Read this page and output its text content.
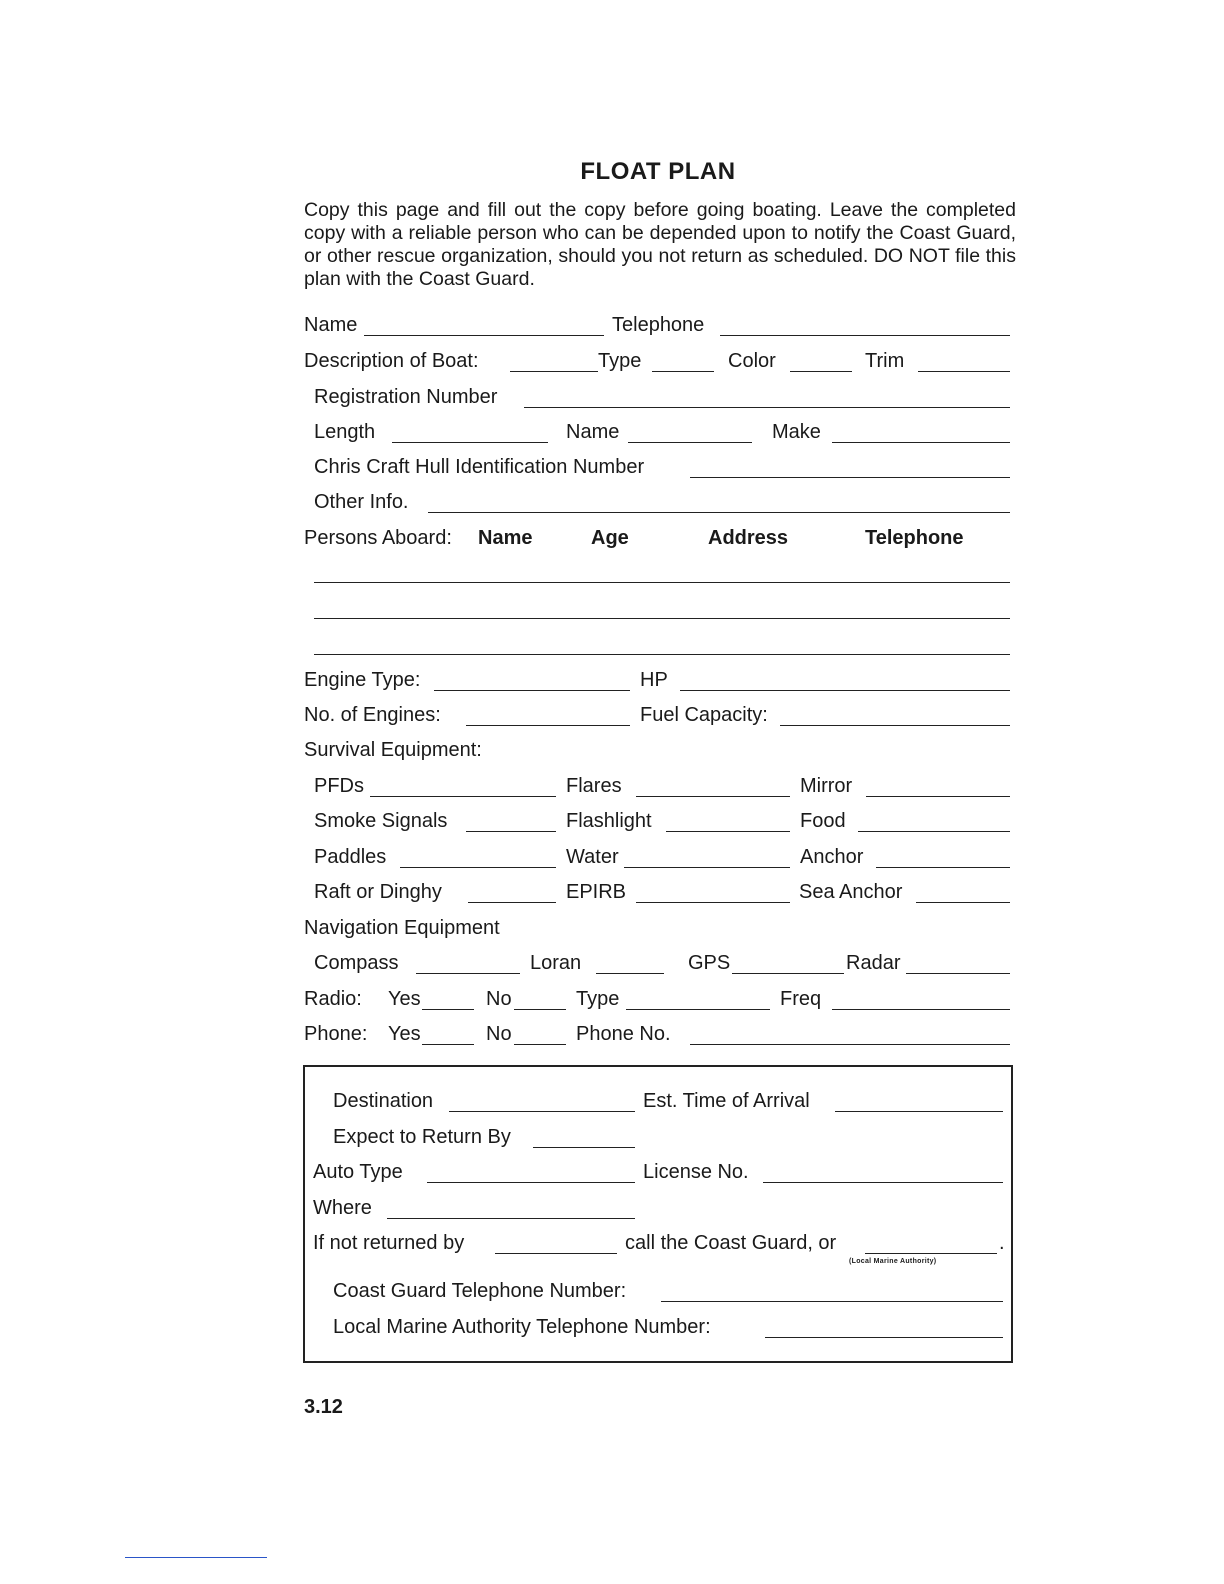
FLOAT PLAN

Copy this page and fill out the copy before going boating. Leave the completed copy with a reliable person who can be depended upon to notify the Coast Guard, or other rescue organization, should you not return as scheduled. DO NOT file this plan with the Coast Guard.

Name	Telephone
Description of Boat:	Type	Color	Trim
Registration Number
Length	Name	Make
Chris Craft Hull Identification Number
Other Info.
Persons Aboard: Name	Age	Address	Telephone
Engine Type:	HP
No. of Engines:	Fuel Capacity:
Survival Equipment:
PFDs	Flares	Mirror
Smoke Signals	Flashlight	Food
Paddles	Water	Anchor
Raft or Dinghy	EPIRB	Sea Anchor
Navigation Equipment
Compass	Loran	GPS	Radar
Radio: Yes	No	Type	Freq
Phone: Yes	No	Phone No.
Destination	Est. Time of Arrival
Expect to Return By
Auto Type	License No.
Where
If not returned by	call the Coast Guard, or	.
(Local Marine Authority)
Coast Guard Telephone Number:
Local Marine Authority Telephone Number:
3.12
